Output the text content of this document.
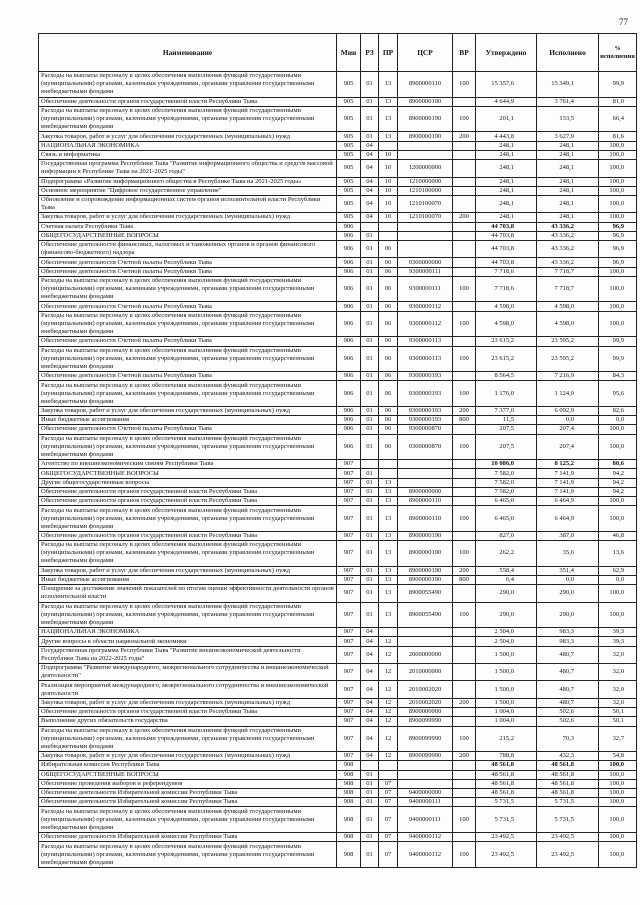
77
Наименование	Мин	РЗ	ПР	ЦСР	ВР	Утверждено	Исполнено	% исполнения
Расходы на выплаты персоналу в целях обеспечения выполнения функций государственными (муниципальными) органами, казенными учреждениями, органами управления государственными внебюджетными фондами	905	01	13	8900000110	100	15 357,6	15 349,1	99,9
Обеспечение деятельности органов государственной власти Республики Тыва	905	01	13	8900000190		4 644,9	3 761,4	81,0
Расходы на выплаты персоналу в целях обеспечения выполнения функций государственными (муниципальными) органами, казенными учреждениями, органами управления государственными внебюджетными фондами	905	01	13	8900000190	100	201,1	133,5	66,4
Закупка товаров, работ и услуг для обеспечения государственных (муниципальных) нужд	905	01	13	8900000190	200	4 443,8	3 627,9	81,6
НАЦИОНАЛЬНАЯ ЭКОНОМИКА	905	04				248,1	248,1	100,0
Связь и информатика	905	04	10			248,1	248,1	100,0
Государственная программа Республики Тыва "Развитие информационного общества и средств массовой информации в Республике Тыва на 2021-2025 годы"	905	04	10	1200000000		248,1	248,1	100,0
Подпрограмма «Развитие информационного общества в Республике Тыва на 2021-2025 годы»	905	04	10	1210000000		248,1	248,1	100,0
Основное мероприятие "Цифровое государственное управление"	905	04	10	1210100000		248,1	248,1	100,0
Обновление и сопровождение информационных систем органов исполнительной власти Республики Тыва	905	04	10	1210100070		248,1	248,1	100,0
Закупка товаров, работ и услуг для обеспечения государственных (муниципальных) нужд	905	04	10	1210100070	200	248,1	248,1	100,0
Счетная палата Республики Тыва	906					44 703,8	43 336,2	96,9
ОБЩЕГОСУДАРСТВЕННЫЕ ВОПРОСЫ	906	01				44 703,8	43 336,2	96,9
Обеспечение деятельности финансовых, налоговых и таможенных органов и органов финансового (финансово-бюджетного) надзора	906	01	06			44 703,8	43 336,2	96,9
Обеспечение деятельности Счетной палаты Республики Тыва	906	01	06	9300000000		44 703,8	43 336,2	96,9
Обеспечение деятельности Счетной палаты Республики Тыва	906	01	06	9300000111		7 718,6	7 718,7	100,0
Расходы на выплаты персоналу в целях обеспечения выполнения функций государственными (муниципальными) органами, казенными учреждениями, органами управления государственными внебюджетными фондами	906	01	06	9300000111	100	7 718,6	7 718,7	100,0
Обеспечение деятельности Счетной палаты Республики Тыва	906	01	06	9300000112		4 598,0	4 598,0	100,0
Расходы на выплаты персоналу в целях обеспечения выполнения функций государственными (муниципальными) органами, казенными учреждениями, органами управления государственными внебюджетными фондами	906	01	06	9300000112	100	4 598,0	4 598,0	100,0
Обеспечение деятельности Счетной палаты Республики Тыва	906	01	06	9300000113		23 615,2	23 595,2	99,9
Расходы на выплаты персоналу в целях обеспечения выполнения функций государственными (муниципальными) органами, казенными учреждениями, органами управления государственными внебюджетными фондами	906	01	06	9300000113	100	23 615,2	23 595,2	99,9
Обеспечение деятельности Счетной палаты Республики Тыва	906	01	06	9300000193		8 564,5	7 216,9	84,3
Расходы на выплаты персоналу в целях обеспечения выполнения функций государственными (муниципальными) органами, казенными учреждениями, органами управления государственными внебюджетными фондами	906	01	06	9300000193	100	1 176,0	1 124,0	95,6
Закупка товаров, работ и услуг для обеспечения государственных (муниципальных) нужд	906	01	06	9300000193	200	7 377,0	6 092,9	82,6
Иные бюджетные ассигнования	906	01	06	9300000193	800	11,5	0,0	0,0
Обеспечение деятельности Счетной палаты Республики Тыва	906	01	06	9300000870		207,5	207,4	100,0
Расходы на выплаты персоналу в целях обеспечения выполнения функций государственными (муниципальными) органами, казенными учреждениями, органами управления государственными внебюджетными фондами	906	01	06	9300000870	100	207,5	207,4	100,0
Агентство по внешнеэкономическим связям Республики Тыва	907					10 086,0	8 125,2	80,6
ОБЩЕГОСУДАРСТВЕННЫЕ ВОПРОСЫ	907	01				7 582,0	7 141,9	94,2
Другие общегосударственные вопросы	907	01	13			7 582,0	7 141,9	94,2
Обеспечение деятельности органов государственной власти Республики Тыва	907	01	13	8900000000		7 582,0	7 141,9	94,2
Обеспечение деятельности органов государственной власти Республики Тыва	907	01	13	8900000110		6 465,0	6 464,9	100,0
Расходы на выплаты персоналу в целях обеспечения выполнения функций государственными (муниципальными) органами, казенными учреждениями, органами управления государственными внебюджетными фондами	907	01	13	8900000110	100	6 465,0	6 464,9	100,0
Обеспечение деятельности органов государственной власти Республики Тыва	907	01	13	8900000190		827,0	387,0	46,8
Расходы на выплаты персоналу в целях обеспечения выполнения функций государственными (муниципальными) органами, казенными учреждениями, органами управления государственными внебюджетными фондами	907	01	13	8900000190	100	262,2	35,6	13,6
Закупка товаров, работ и услуг для обеспечения государственных (муниципальных) нужд	907	01	13	8900000190	200	558,4	351,4	62,9
Иные бюджетные ассигнования	907	01	13	8900000190	800	6,4	0,0	0,0
Поощрение за достижение значений показателей по итогам оценки эффективности деятельности органов исполнительной власти	907	01	13	8900055490		290,0	290,0	100,0
Расходы на выплаты персоналу в целях обеспечения выполнения функций государственными (муниципальными) органами, казенными учреждениями, органами управления государственными внебюджетными фондами	907	01	13	8900055490	100	290,0	290,0	100,0
НАЦИОНАЛЬНАЯ ЭКОНОМИКА	907	04				2 504,0	983,3	39,3
Другие вопросы в области национальной экономики	907	04	12			2 504,0	983,3	39,3
Государственная программа Республики Тыва "Развитие внешнеэкономической деятельности Республики Тыва на 2022-2025 годы"	907	04	12	2000000000		1 500,0	480,7	32,0
Подпрограмма "Развитие международного, межрегионального сотрудничества и внешнеэкономической деятельности"	907	04	12	2010000000		1 500,0	480,7	32,0
Реализация мероприятий международного, межрегионального сотрудничества и внешнеэкономической деятельности	907	04	12	2010002020		1 500,0	480,7	32,0
Закупка товаров, работ и услуг для обеспечения государственных (муниципальных) нужд	907	04	12	2010002020	200	1 500,0	480,7	32,0
Обеспечение деятельности органов государственной власти Республики Тыва	907	04	12	8900000000		1 004,0	502,6	50,1
Выполнение других обязательств государства	907	04	12	8900099990		1 004,0	502,6	50,1
Расходы на выплаты персоналу в целях обеспечения выполнения функций государственными (муниципальными) органами, казенными учреждениями, органами управления государственными внебюджетными фондами	907	04	12	8900099990	100	215,2	70,3	32,7
Закупка товаров, работ и услуг для обеспечения государственных (муниципальных) нужд	907	04	12	8900099990	200	788,8	432,3	54,8
Избирательная комиссия Республики Тыва	908					48 561,8	48 561,8	100,0
ОБЩЕГОСУДАРСТВЕННЫЕ ВОПРОСЫ	908	01				48 561,8	48 561,8	100,0
Обеспечение проведения выборов и референдумов	908	01	07			48 561,8	48 561,8	100,0
Обеспечение деятельности Избирательной комиссии Республики Тыва	908	01	07	9400000000		48 561,8	48 561,8	100,0
Обеспечение деятельности Избирательной комиссии Республики Тыва	908	01	07	9400000111		5 731,5	5 731,5	100,0
Расходы на выплаты персоналу в целях обеспечения выполнения функций государственными (муниципальными) органами, казенными учреждениями, органами управления государственными внебюджетными фондами	908	01	07	9400000111	100	5 731,5	5 731,5	100,0
Обеспечение деятельности Избирательной комиссии Республики Тыва	908	01	07	9400000112		23 492,5	23 492,5	100,0
Расходы на выплаты персоналу в целях обеспечения выполнения функций государственными (муниципальными) органами, казенными учреждениями, органами управления государственными внебюджетными фондами	908	01	07	9400000112	100	23 492,5	23 492,5	100,0
